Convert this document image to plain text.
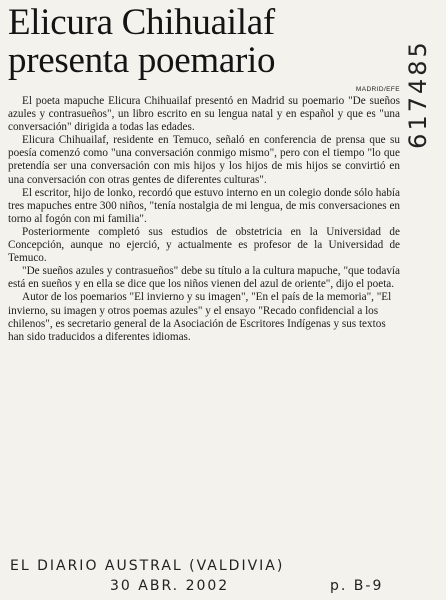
Elicura Chihuailaf
presenta poemario
MADRID/EFE

El poeta mapuche Elicura Chihuailaf presentó en Madrid su poemario "De sueños azules y contrasueños", un libro escrito en su lengua natal y en español y que es "una conversación" dirigida a todas las edades.

Elicura Chihuailaf, residente en Temuco, señaló en conferencia de prensa que su poesía comenzó como "una conversación conmigo mismo", pero con el tiempo "lo que pretendía ser una conversación con mis hijos y los hijos de mis hijos se convirtió en una conversación con otras gentes de diferentes culturas".

El escritor, hijo de lonko, recordó que estuvo interno en un colegio donde sólo había tres mapuches entre 300 niños, "tenía nostalgia de mi lengua, de mis conversaciones en torno al fogón con mi familia".

Posteriormente completó sus estudios de obstetricia en la Universidad de Concepción, aunque no ejerció, y actualmente es profesor de la Universidad de Temuco.

"De sueños azules y contrasueños" debe su título a la cultura mapuche, "que todavía está en sueños y en ella se dice que los niños vienen del azul de oriente", dijo el poeta.

Autor de los poemarios "El invierno y su imagen", "En el país de la memoria", "El invierno, su imagen y otros poemas azules" y el ensayo "Recado confidencial a los chilenos", es secretario general de la Asociación de Escritores Indígenas y sus textos han sido traducidos a diferentes idiomas.

617485
EL DIARIO AUSTRAL (VALDIVIA)
30 ABR. 2002	p. B-9
